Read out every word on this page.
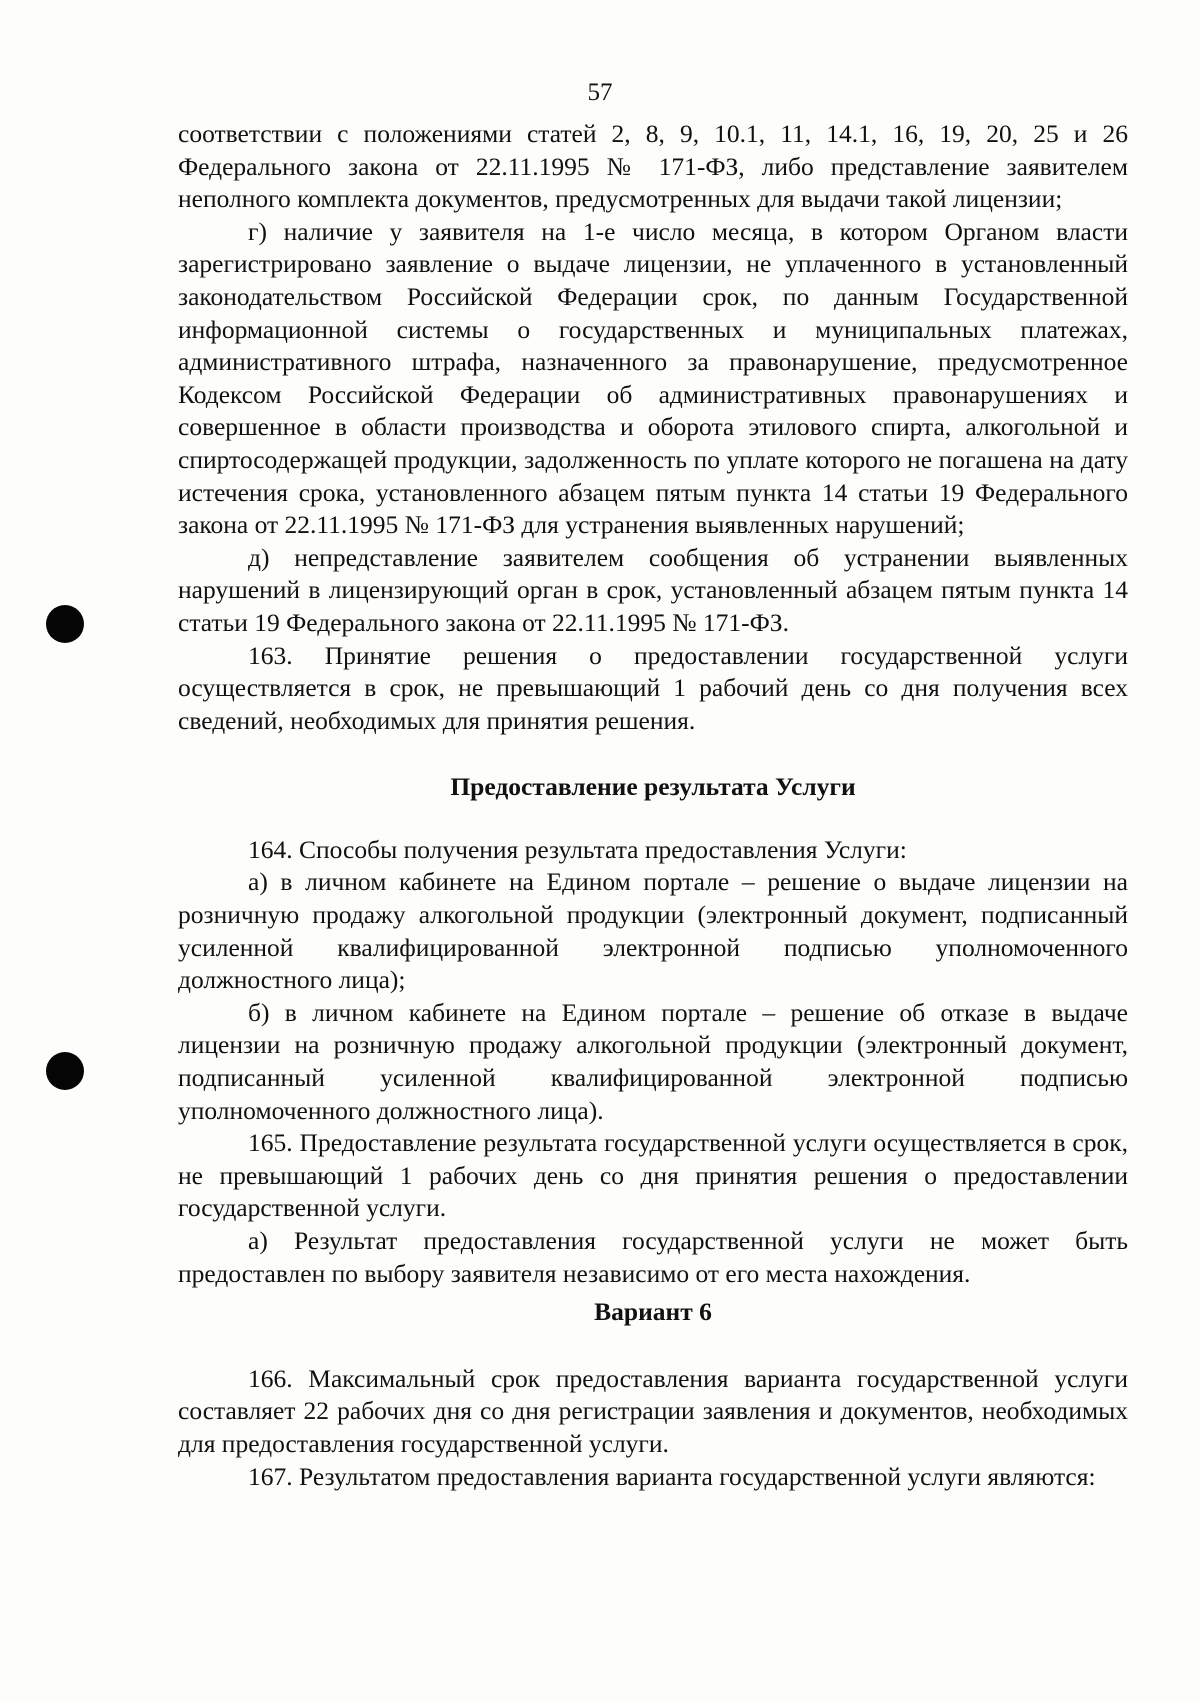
57

соответствии с положениями статей 2, 8, 9, 10.1, 11, 14.1, 16, 19, 20, 25 и 26 Федерального закона от 22.11.1995 № 171-ФЗ, либо представление заявителем неполного комплекта документов, предусмотренных для выдачи такой лицензии;

г) наличие у заявителя на 1-е число месяца, в котором Органом власти зарегистрировано заявление о выдаче лицензии, не уплаченного в установленный законодательством Российской Федерации срок, по данным Государственной информационной системы о государственных и муниципальных платежах, административного штрафа, назначенного за правонарушение, предусмотренное Кодексом Российской Федерации об административных правонарушениях и совершенное в области производства и оборота этилового спирта, алкогольной и спиртосодержащей продукции, задолженность по уплате которого не погашена на дату истечения срока, установленного абзацем пятым пункта 14 статьи 19 Федерального закона от 22.11.1995 № 171-ФЗ для устранения выявленных нарушений;

д) непредставление заявителем сообщения об устранении выявленных нарушений в лицензирующий орган в срок, установленный абзацем пятым пункта 14 статьи 19 Федерального закона от 22.11.1995 № 171-ФЗ.

163. Принятие решения о предоставлении государственной услуги осуществляется в срок, не превышающий 1 рабочий день со дня получения всех сведений, необходимых для принятия решения.

Предоставление результата Услуги

164. Способы получения результата предоставления Услуги:

а) в личном кабинете на Едином портале – решение о выдаче лицензии на розничную продажу алкогольной продукции (электронный документ, подписанный усиленной квалифицированной электронной подписью уполномоченного должностного лица);

б) в личном кабинете на Едином портале – решение об отказе в выдаче лицензии на розничную продажу алкогольной продукции (электронный документ, подписанный усиленной квалифицированной электронной подписью уполномоченного должностного лица).

165. Предоставление результата государственной услуги осуществляется в срок, не превышающий 1 рабочих день со дня принятия решения о предоставлении государственной услуги.

а) Результат предоставления государственной услуги не может быть предоставлен по выбору заявителя независимо от его места нахождения.

Вариант 6

166. Максимальный срок предоставления варианта государственной услуги составляет 22 рабочих дня со дня регистрации заявления и документов, необходимых для предоставления государственной услуги.

167. Результатом предоставления варианта государственной услуги являются:
